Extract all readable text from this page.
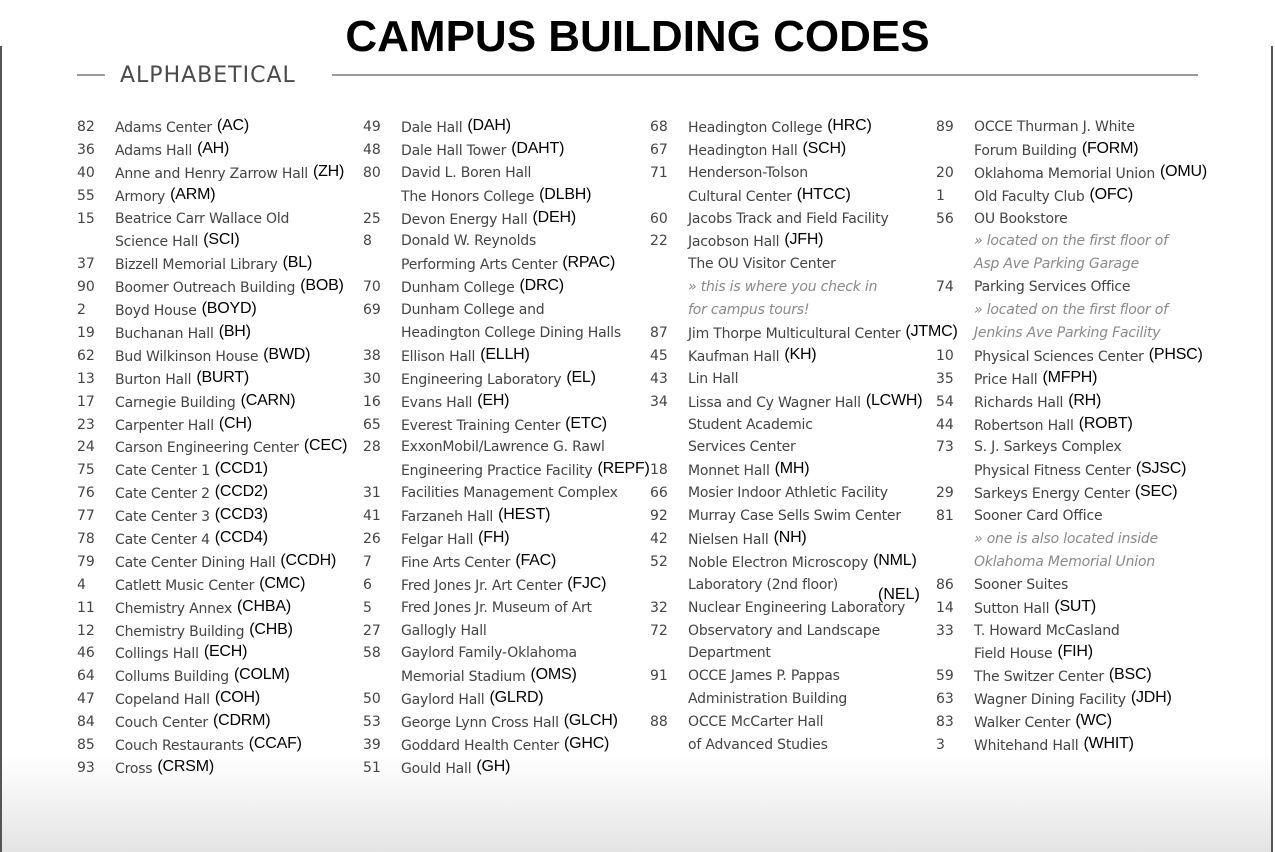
CAMPUS BUILDING CODES
ALPHABETICAL
82 Adams Center (AC)
36 Adams Hall (AH)
40 Anne and Henry Zarrow Hall (ZH)
55 Armory (ARM)
15 Beatrice Carr Wallace Old
Science Hall (SCI)
37 Bizzell Memorial Library (BL)
90 Boomer Outreach Building (BOB)
2 Boyd House (BOYD)
19 Buchanan Hall (BH)
62 Bud Wilkinson House (BWD)
13 Burton Hall (BURT)
17 Carnegie Building (CARN)
23 Carpenter Hall (CH)
24 Carson Engineering Center (CEC)
75 Cate Center 1 (CCD1)
76 Cate Center 2 (CCD2)
77 Cate Center 3 (CCD3)
78 Cate Center 4 (CCD4)
79 Cate Center Dining Hall (CCDH)
4 Catlett Music Center (CMC)
11 Chemistry Annex (CHBA)
12 Chemistry Building (CHB)
46 Collings Hall (ECH)
64 Collums Building (COLM)
47 Copeland Hall (COH)
84 Couch Center (CDRM)
85 Couch Restaurants (CCAF)
93 Cross (CRSM)
49 Dale Hall (DAH)
48 Dale Hall Tower (DAHT)
80 David L. Boren Hall
The Honors College (DLBH)
25 Devon Energy Hall (DEH)
8 Donald W. Reynolds
Performing Arts Center (RPAC)
70 Dunham College (DRC)
69 Dunham College and
Headington College Dining Halls
38 Ellison Hall (ELLH)
30 Engineering Laboratory (EL)
16 Evans Hall (EH)
65 Everest Training Center (ETC)
28 ExxonMobil/Lawrence G. Rawl
Engineering Practice Facility (REPF)
31 Facilities Management Complex
41 Farzaneh Hall (HEST)
26 Felgar Hall (FH)
7 Fine Arts Center (FAC)
6 Fred Jones Jr. Art Center (FJC)
5 Fred Jones Jr. Museum of Art
27 Gallogly Hall
58 Gaylord Family-Oklahoma
Memorial Stadium (OMS)
50 Gaylord Hall (GLRD)
53 George Lynn Cross Hall (GLCH)
39 Goddard Health Center (GHC)
51 Gould Hall (GH)
68 Headington College (HRC)
67 Headington Hall (SCH)
71 Henderson-Tolson
Cultural Center (HTCC)
60 Jacobs Track and Field Facility
22 Jacobson Hall (JFH)
The OU Visitor Center
» this is where you check in
for campus tours!
87 Jim Thorpe Multicultural Center (JTMC)
45 Kaufman Hall (KH)
43 Lin Hall
34 Lissa and Cy Wagner Hall (LCWH)
Student Academic
Services Center
18 Monnet Hall (MH)
66 Mosier Indoor Athletic Facility
92 Murray Case Sells Swim Center
42 Nielsen Hall (NH)
52 Noble Electron Microscopy (NML)
Laboratory (2nd floor)
32 Nuclear Engineering Laboratory
72 Observatory and Landscape
Department
91 OCCE James P. Pappas
Administration Building
88 OCCE McCarter Hall
of Advanced Studies
89 OCCE Thurman J. White
Forum Building (FORM)
20 Oklahoma Memorial Union (OMU)
1 Old Faculty Club (OFC)
56 OU Bookstore
» located on the first floor of
Asp Ave Parking Garage
74 Parking Services Office
» located on the first floor of
Jenkins Ave Parking Facility
10 Physical Sciences Center (PHSC)
35 Price Hall (MFPH)
54 Richards Hall (RH)
44 Robertson Hall (ROBT)
73 S. J. Sarkeys Complex
Physical Fitness Center (SJSC)
29 Sarkeys Energy Center (SEC)
81 Sooner Card Office
» one is also located inside
Oklahoma Memorial Union
86 Sooner Suites
14 Sutton Hall (SUT)
33 T. Howard McCasland
Field House (FIH)
59 The Switzer Center (BSC)
63 Wagner Dining Facility (JDH)
83 Walker Center (WC)
3 Whitehand Hall (WHIT)
(NEL)
